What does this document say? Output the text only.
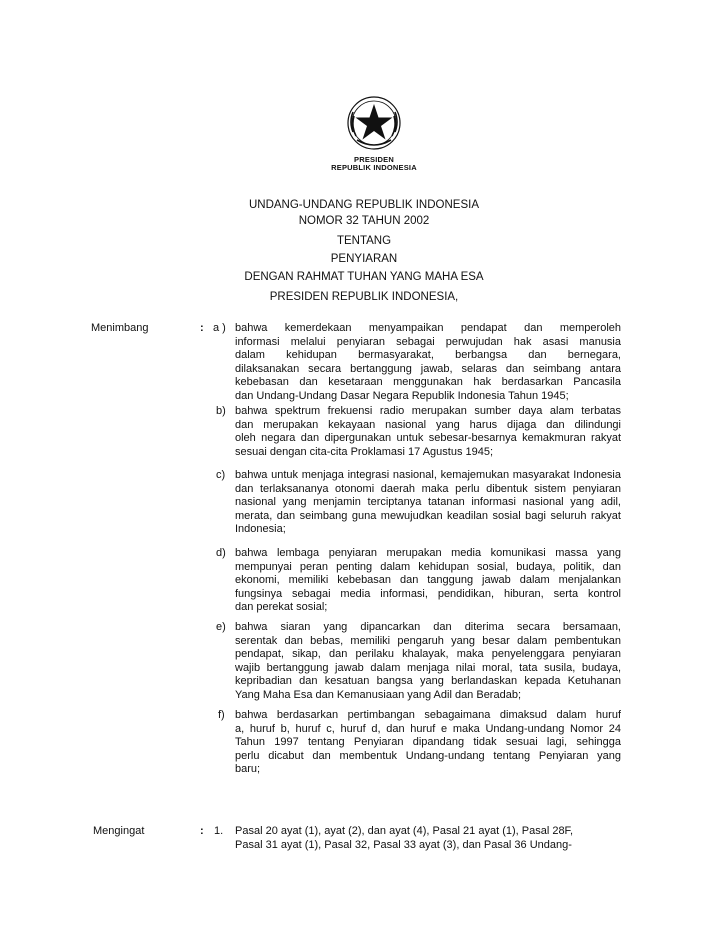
PRESIDEN
REPUBLIK INDONESIA
UNDANG-UNDANG REPUBLIK INDONESIA
NOMOR 32 TAHUN 2002
TENTANG
PENYIARAN
DENGAN RAHMAT TUHAN YANG MAHA ESA
PRESIDEN REPUBLIK INDONESIA,
Menimbang	: a ) bahwa kemerdekaan menyampaikan pendapat dan memperoleh
informasi melalui penyiaran sebagai perwujudan hak asasi manusia
dalam kehidupan bermasyarakat, berbangsa dan bernegara,
dilaksanakan secara bertanggung jawab, selaras dan seimbang antara
kebebasan dan kesetaraan menggunakan hak berdasarkan Pancasila
dan Undang-Undang Dasar Negara Republik Indonesia Tahun 1945;
b) bahwa spektrum frekuensi radio merupakan sumber daya alam terbatas
dan merupakan kekayaan nasional yang harus dijaga dan dilindungi
oleh negara dan dipergunakan untuk sebesar-besarnya kemakmuran rakyat
sesuai dengan cita-cita Proklamasi 17 Agustus 1945;
c) bahwa untuk menjaga integrasi nasional, kemajemukan masyarakat Indonesia
dan terlaksananya otonomi daerah maka perlu dibentuk sistem penyiaran
nasional yang menjamin terciptanya tatanan informasi nasional yang adil,
merata, dan seimbang guna mewujudkan keadilan sosial bagi seluruh rakyat
Indonesia;
d) bahwa lembaga penyiaran merupakan media komunikasi massa yang
mempunyai peran penting dalam kehidupan sosial, budaya, politik, dan
ekonomi, memiliki kebebasan dan tanggung jawab dalam menjalankan
fungsinya sebagai media informasi, pendidikan, hiburan, serta kontrol
dan perekat sosial;
e) bahwa siaran yang dipancarkan dan diterima secara bersamaan,
serentak dan bebas, memiliki pengaruh yang besar dalam pembentukan
pendapat, sikap, dan perilaku khalayak, maka penyelenggara penyiaran
wajib bertanggung jawab dalam menjaga nilai moral, tata susila, budaya,
kepribadian dan kesatuan bangsa yang berlandaskan kepada Ketuhanan
Yang Maha Esa dan Kemanusiaan yang Adil dan Beradab;
f) bahwa berdasarkan pertimbangan sebagaimana dimaksud dalam huruf
a, huruf b, huruf c, huruf d, dan huruf e maka Undang-undang Nomor 24
Tahun 1997 tentang Penyiaran dipandang tidak sesuai lagi, sehingga
perlu dicabut dan membentuk Undang-undang tentang Penyiaran yang
baru;
Mengingat	: 1. Pasal 20 ayat (1), ayat (2), dan ayat (4), Pasal 21 ayat (1), Pasal 28F,
Pasal 31 ayat (1), Pasal 32, Pasal 33 ayat (3), dan Pasal 36 Undang-
